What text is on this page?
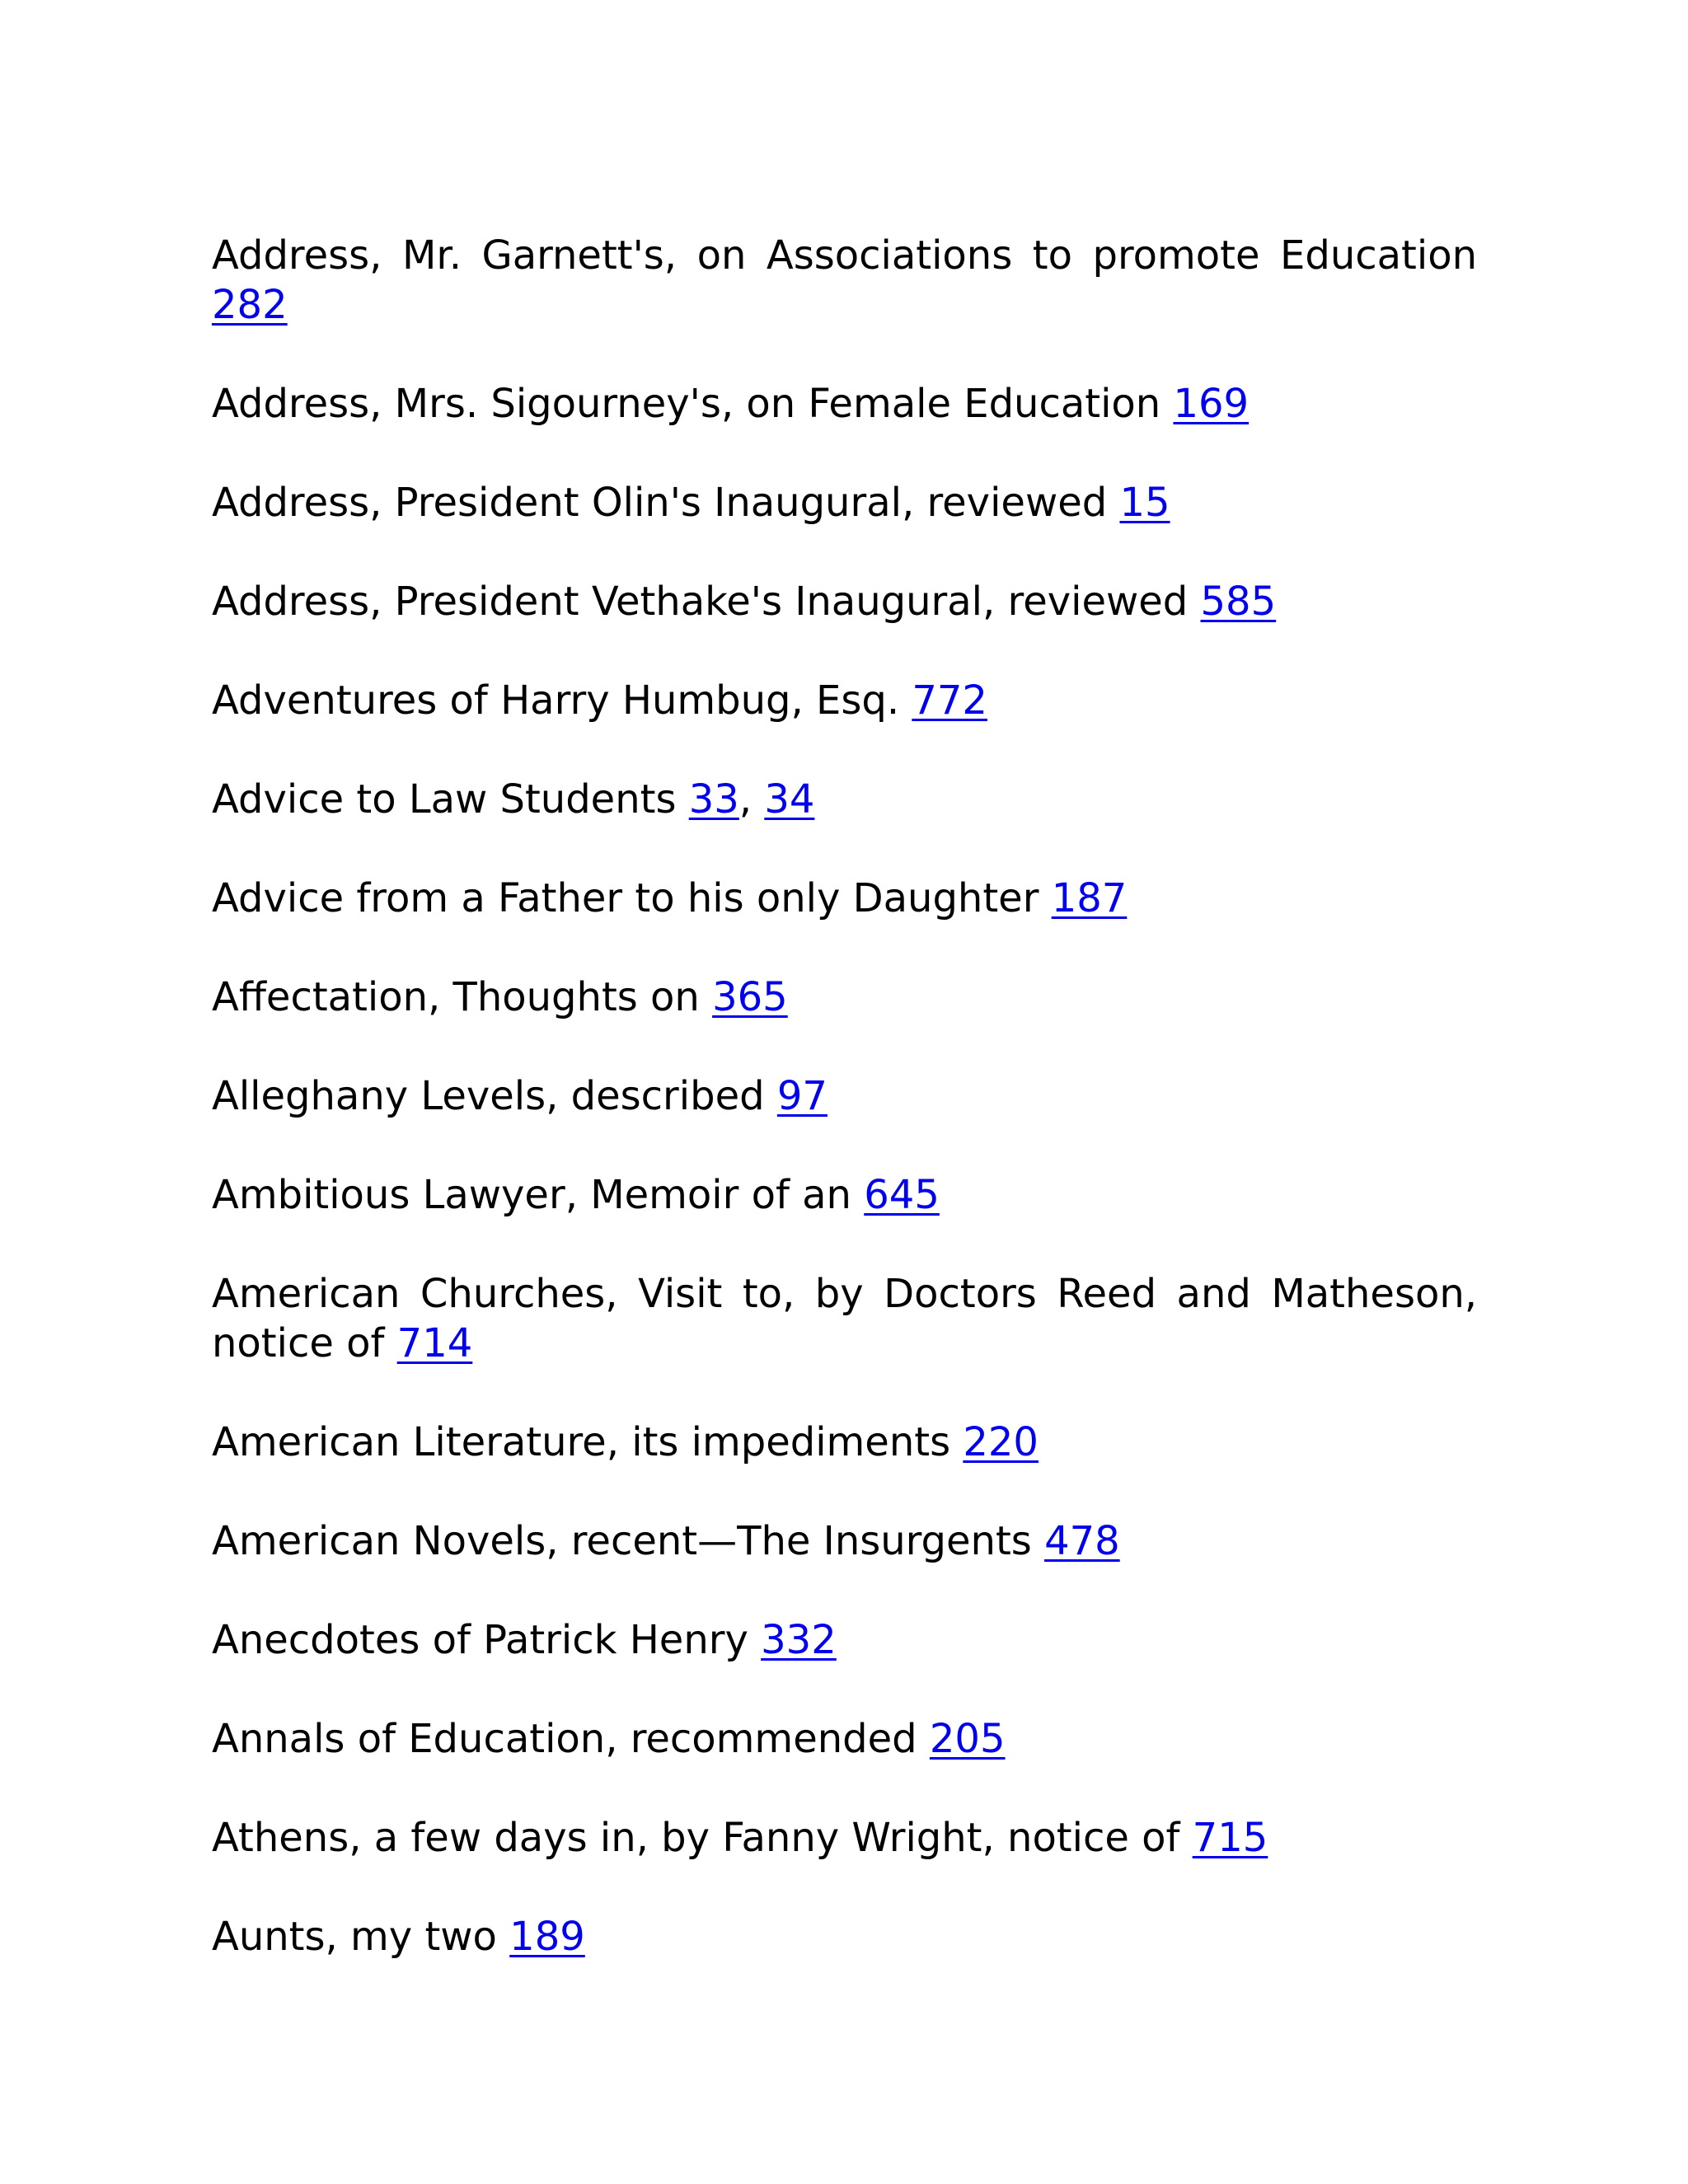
Address, Mr. Garnett's, on Associations to promote Education 282

Address, Mrs. Sigourney's, on Female Education 169

Address, President Olin's Inaugural, reviewed 15

Address, President Vethake's Inaugural, reviewed 585

Adventures of Harry Humbug, Esq. 772

Advice to Law Students 33, 34

Advice from a Father to his only Daughter 187

Affectation, Thoughts on 365

Alleghany Levels, described 97

Ambitious Lawyer, Memoir of an 645

American Churches, Visit to, by Doctors Reed and Matheson, notice of 714

American Literature, its impediments 220

American Novels, recent—The Insurgents 478

Anecdotes of Patrick Henry 332

Annals of Education, recommended 205

Athens, a few days in, by Fanny Wright, notice of 715

Aunts, my two 189
